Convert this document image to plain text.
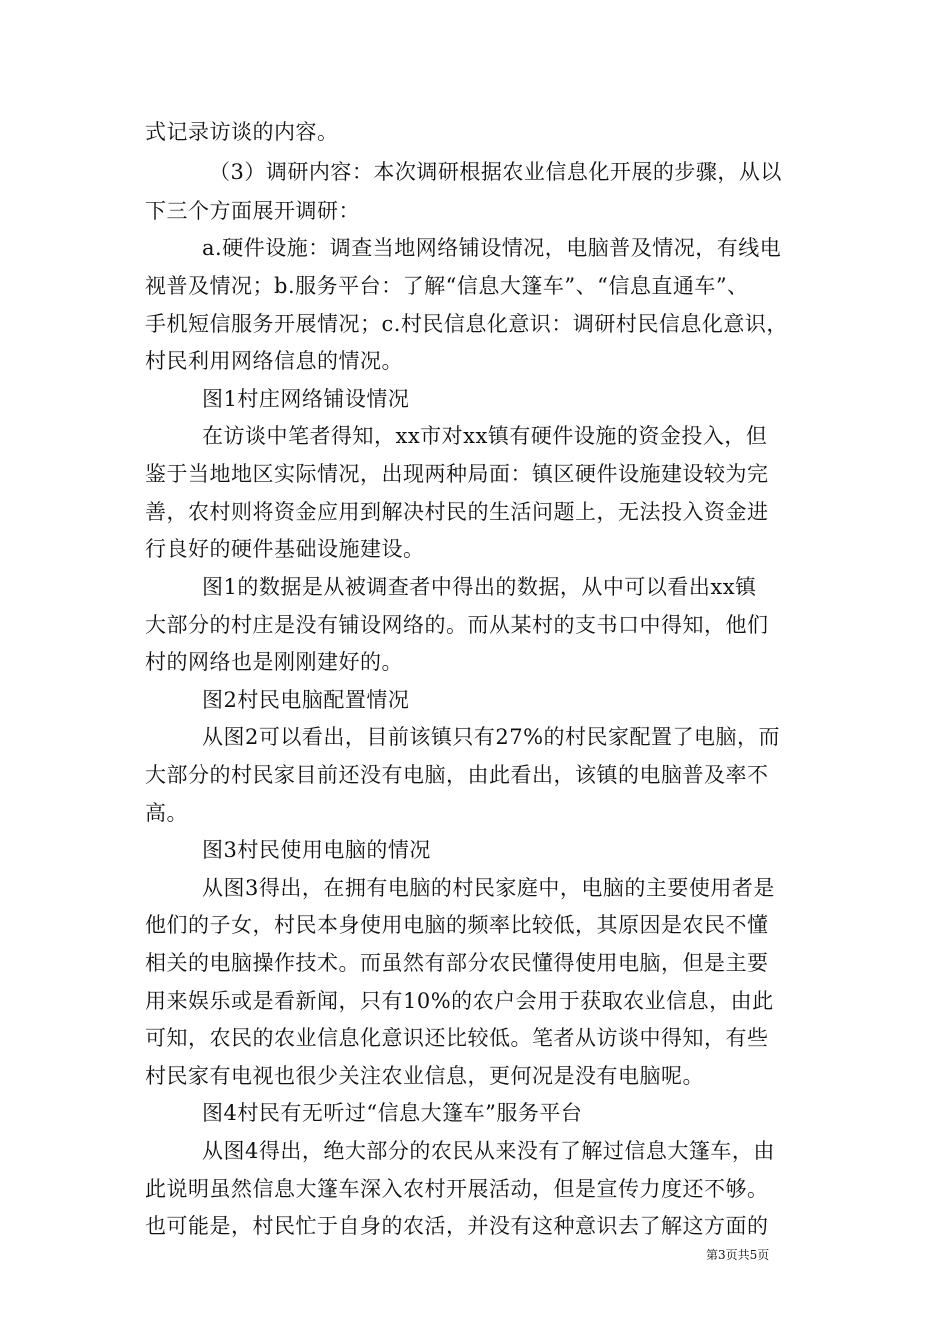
式记录访谈的内容。
（3）调研内容：本次调研根据农业信息化开展的步骤，从以
下三个方面展开调研：
a.硬件设施：调查当地网络铺设情况，电脑普及情况，有线电
视普及情况；b.服务平台：了解“信息大篷车”、“信息直通车”、
手机短信服务开展情况；c.村民信息化意识：调研村民信息化意识，
村民利用网络信息的情况。
图1村庄网络铺设情况
在访谈中笔者得知，xx市对xx镇有硬件设施的资金投入，但
鉴于当地地区实际情况，出现两种局面：镇区硬件设施建设较为完
善，农村则将资金应用到解决村民的生活问题上，无法投入资金进
行良好的硬件基础设施建设。
图1的数据是从被调查者中得出的数据，从中可以看出xx镇
大部分的村庄是没有铺设网络的。而从某村的支书口中得知，他们
村的网络也是刚刚建好的。
图2村民电脑配置情况
从图2可以看出，目前该镇只有27%的村民家配置了电脑，而
大部分的村民家目前还没有电脑，由此看出，该镇的电脑普及率不
高。
图3村民使用电脑的情况
从图3得出，在拥有电脑的村民家庭中，电脑的主要使用者是
他们的子女，村民本身使用电脑的频率比较低，其原因是农民不懂
相关的电脑操作技术。而虽然有部分农民懂得使用电脑，但是主要
用来娱乐或是看新闻，只有10%的农户会用于获取农业信息，由此
可知，农民的农业信息化意识还比较低。笔者从访谈中得知，有些
村民家有电视也很少关注农业信息，更何况是没有电脑呢。
图4村民有无听过“信息大篷车”服务平台
从图4得出，绝大部分的农民从来没有了解过信息大篷车，由
此说明虽然信息大篷车深入农村开展活动，但是宣传力度还不够。
也可能是，村民忙于自身的农活，并没有这种意识去了解这方面的
第3页共5页
